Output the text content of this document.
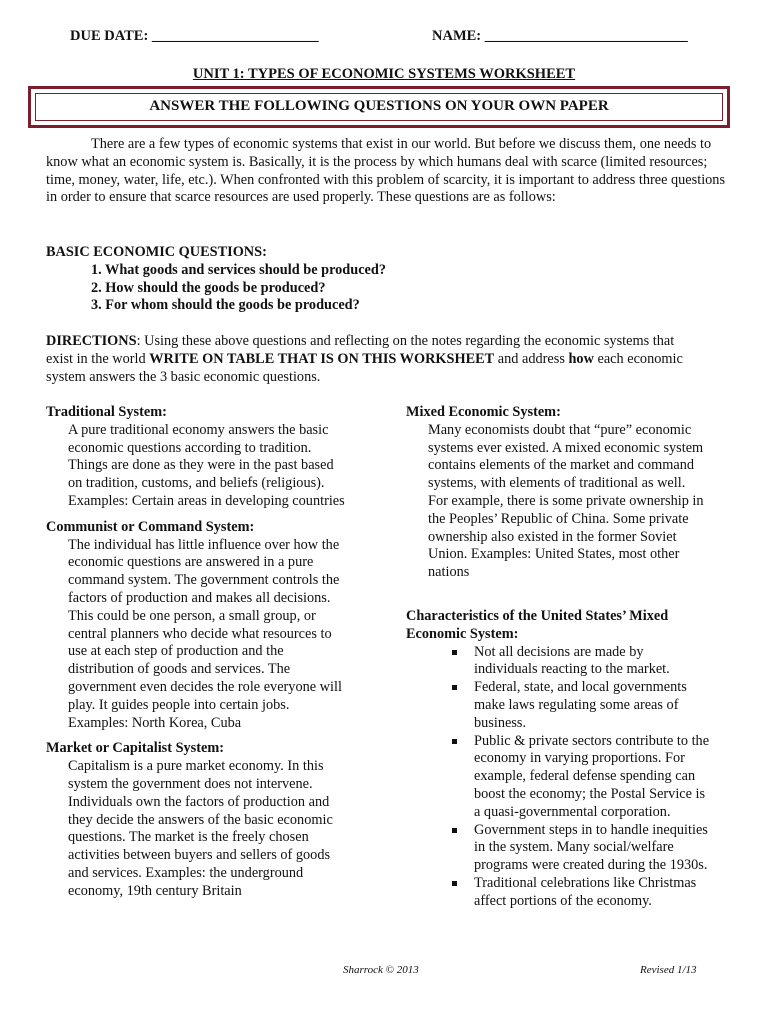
DUE DATE: _______________________	NAME: ____________________________
UNIT 1: TYPES OF ECONOMIC SYSTEMS WORKSHEET
ANSWER THE FOLLOWING QUESTIONS ON YOUR OWN PAPER

There are a few types of economic systems that exist in our world. But before we discuss them, one needs to know what an economic system is. Basically, it is the process by which humans deal with scarce (limited resources; time, money, water, life, etc.). When confronted with this problem of scarcity, it is important to address three questions in order to ensure that scarce resources are used properly. These questions are as follows:

BASIC ECONOMIC QUESTIONS:
1. What goods and services should be produced?
2. How should the goods be produced?
3. For whom should the goods be produced?
DIRECTIONS: Using these above questions and reflecting on the notes regarding the economic systems that
exist in the world WRITE ON TABLE THAT IS ON THIS WORKSHEET and address how each economic
system answers the 3 basic economic questions.
Traditional System:
A pure traditional economy answers the basic
economic questions according to tradition.
Things are done as they were in the past based
on tradition, customs, and beliefs (religious).
Examples: Certain areas in developing countries
Communist or Command System:
The individual has little influence over how the
economic questions are answered in a pure
command system. The government controls the
factors of production and makes all decisions.
This could be one person, a small group, or
central planners who decide what resources to
use at each step of production and the
distribution of goods and services. The
government even decides the role everyone will
play. It guides people into certain jobs.
Examples: North Korea, Cuba
Market or Capitalist System:
Capitalism is a pure market economy. In this
system the government does not intervene.
Individuals own the factors of production and
they decide the answers of the basic economic
questions. The market is the freely chosen
activities between buyers and sellers of goods
and services. Examples: the underground
economy, 19th century Britain
Mixed Economic System:
Many economists doubt that “pure” economic
systems ever existed. A mixed economic system
contains elements of the market and command
systems, with elements of traditional as well.
For example, there is some private ownership in
the Peoples’ Republic of China. Some private
ownership also existed in the former Soviet
Union. Examples: United States, most other
nations
Characteristics of the United States’ Mixed
Economic System:
Not all decisions are made by
individuals reacting to the market.
Federal, state, and local governments
make laws regulating some areas of
business.
Public & private sectors contribute to the
economy in varying proportions. For
example, federal defense spending can
boost the economy; the Postal Service is
a quasi-governmental corporation.
Government steps in to handle inequities
in the system. Many social/welfare
programs were created during the 1930s.
Traditional celebrations like Christmas
affect portions of the economy.
Sharrock © 2013	Revised 1/13
